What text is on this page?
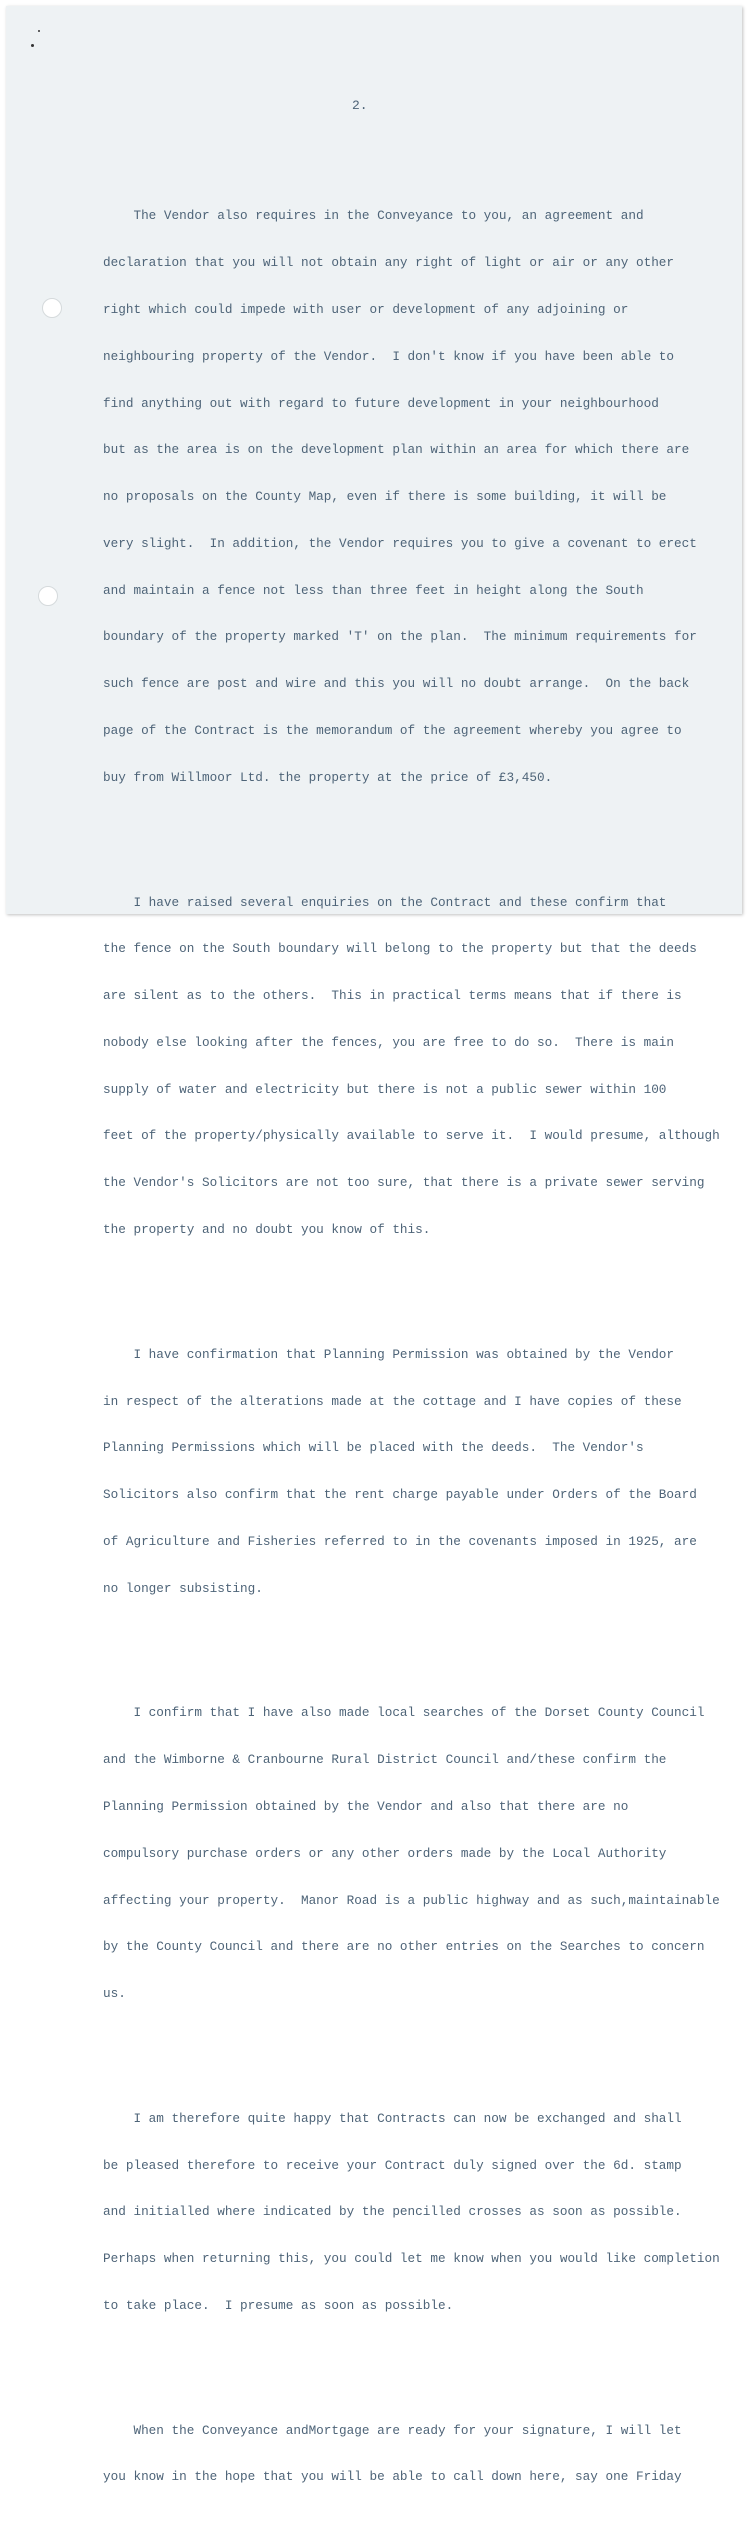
2.

The Vendor also requires in the Conveyance to you, an agreement and

declaration that you will not obtain any right of light or air or any other

right which could impede with user or development of any adjoining or

neighbouring property of the Vendor.  I don't know if you have been able to

find anything out with regard to future development in your neighbourhood

but as the area is on the development plan within an area for which there are

no proposals on the County Map, even if there is some building, it will be

very slight.  In addition, the Vendor requires you to give a covenant to erect

and maintain a fence not less than three feet in height along the South

boundary of the property marked 'T' on the plan.  The minimum requirements for

such fence are post and wire and this you will no doubt arrange.  On the back

page of the Contract is the memorandum of the agreement whereby you agree to

buy from Willmoor Ltd. the property at the price of £3,450.

I have raised several enquiries on the Contract and these confirm that

the fence on the South boundary will belong to the property but that the deeds

are silent as to the others.  This in practical terms means that if there is

nobody else looking after the fences, you are free to do so.  There is main

supply of water and electricity but there is not a public sewer within 100

feet of the property/physically available to serve it.  I would presume, although

the Vendor's Solicitors are not too sure, that there is a private sewer serving

the property and no doubt you know of this.

I have confirmation that Planning Permission was obtained by the Vendor

in respect of the alterations made at the cottage and I have copies of these

Planning Permissions which will be placed with the deeds.  The Vendor's

Solicitors also confirm that the rent charge payable under Orders of the Board

of Agriculture and Fisheries referred to in the covenants imposed in 1925, are

no longer subsisting.

I confirm that I have also made local searches of the Dorset County Council

and the Wimborne & Cranbourne Rural District Council and/these confirm the

Planning Permission obtained by the Vendor and also that there are no

compulsory purchase orders or any other orders made by the Local Authority

affecting your property.  Manor Road is a public highway and as such,maintainable

by the County Council and there are no other entries on the Searches to concern

us.

I am therefore quite happy that Contracts can now be exchanged and shall

be pleased therefore to receive your Contract duly signed over the 6d. stamp

and initialled where indicated by the pencilled crosses as soon as possible.

Perhaps when returning this, you could let me know when you would like completion

to take place.  I presume as soon as possible.

When the Conveyance andMortgage are ready for your signature, I will let

you know in the hope that you will be able to call down here, say one Friday
